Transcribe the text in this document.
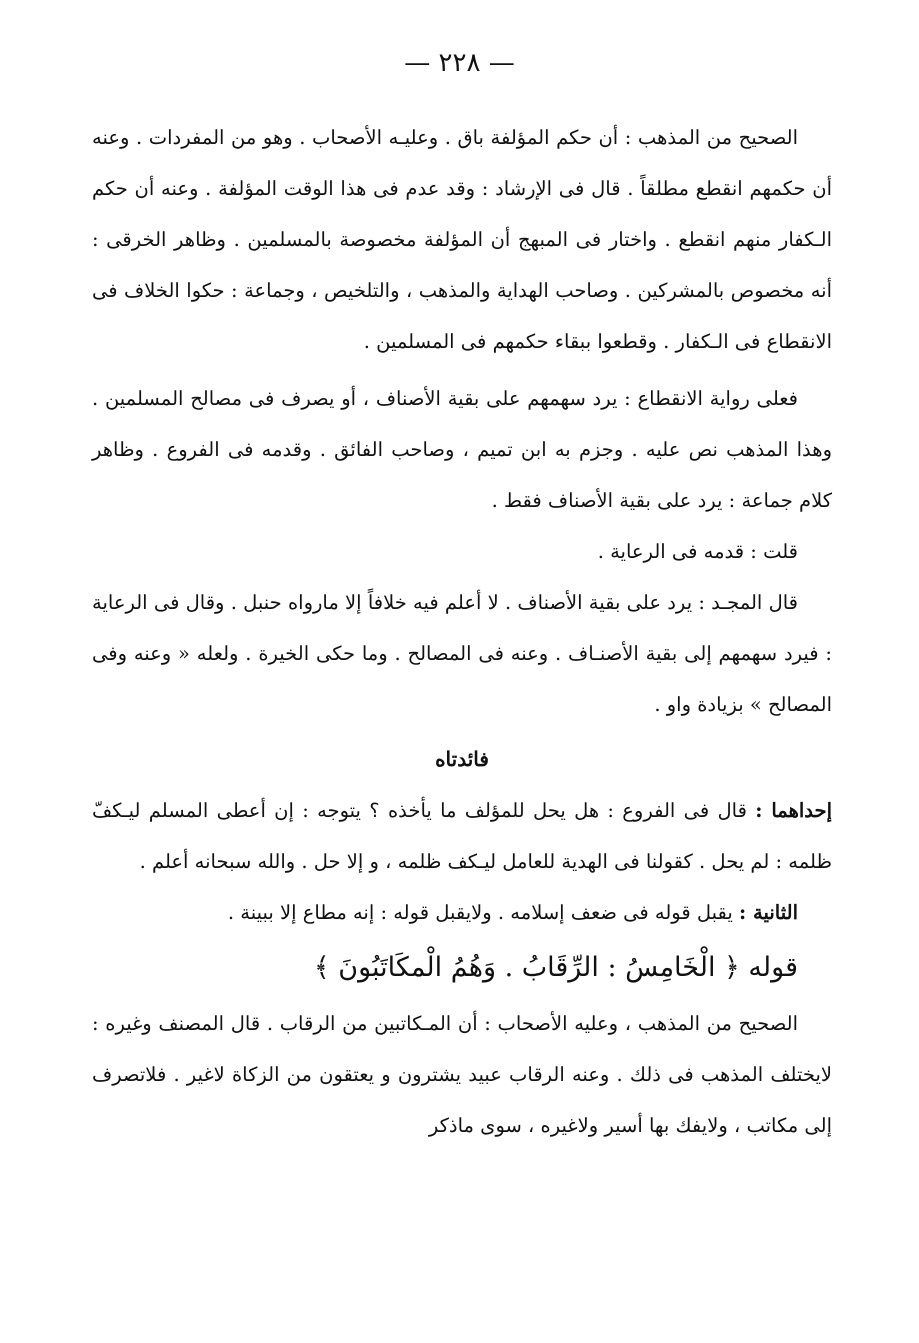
— ٢٢٨ —

الصحيح من المذهب : أن حكم المؤلفة باق . وعليـه الأصحاب . وهو من المفردات . وعنه أن حكمهم انقطع مطلقاً . قال فى الإرشاد : وقد عدم فى هذا الوقت المؤلفة . وعنه أن حكم الـكفار منهم انقطع . واختار فى المبهج أن المؤلفة مخصوصة بالمسلمين . وظاهر الخرقى : أنه مخصوص بالمشركين . وصاحب الهداية والمذهب ، والتلخيص ، وجماعة : حكوا الخلاف فى الانقطاع فى الـكفار . وقطعوا ببقاء حكمهم فى المسلمين .

فعلى رواية الانقطاع : يرد سهمهم على بقية الأصناف ، أو يصرف فى مصالح المسلمين . وهذا المذهب نص عليه . وجزم به ابن تميم ، وصاحب الفائق . وقدمه فى الفروع . وظاهر كلام جماعة : يرد على بقية الأصناف فقط .

قلت : قدمه فى الرعاية .

قال المجـد : يرد على بقية الأصناف . لا أعلم فيه خلافاً إلا مارواه حنبل . وقال فى الرعاية : فيرد سهمهم إلى بقية الأصنـاف . وعنه فى المصالح . وما حكى الخيرة . ولعله « وعنه وفى المصالح » بزيادة واو .

فائدتاه

إحداهما : قال فى الفروع : هل يحل للمؤلف ما يأخذه ؟ يتوجه : إن أعطى المسلم ليـكفّ ظلمه : لم يحل . كقولنا فى الهدية للعامل ليـكف ظلمه ، و إلا حل . والله سبحانه أعلم .

الثانية : يقبل قوله فى ضعف إسلامه . ولايقبل قوله : إنه مطاع إلا ببينة .

قوله ﴿ الْخَامِسُ : الرِّقَابُ . وَهُمُ الْمكَاتَبُونَ ﴾

الصحيح من المذهب ، وعليه الأصحاب : أن المـكاتبين من الرقاب . قال المصنف وغيره : لايختلف المذهب فى ذلك . وعنه الرقاب عبيد يشترون و يعتقون من الزكاة لاغير . فلاتصرف إلى مكاتب ، ولايفك بها أسير ولاغيره ، سوى ماذكر
